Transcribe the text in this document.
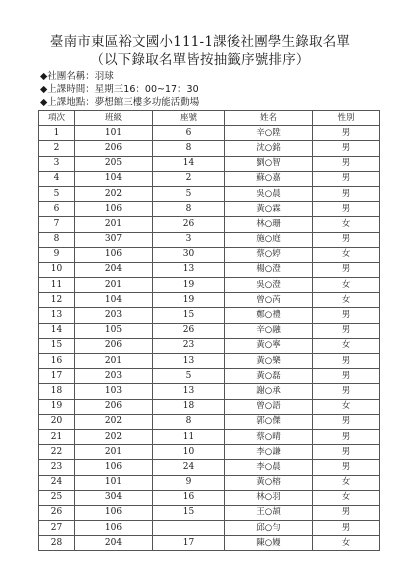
臺南市東區裕文國小111-1課後社團學生錄取名單
（以下錄取名單皆按抽籤序號排序）
◆社團名稱：羽球
◆上課時間：星期三16：00~17：30
◆上課地點：夢想館三樓多功能活動場
項次	班級	座號	姓名	性別
1	101	6	辛○陞	男
2	206	8	沈○銘	男
3	205	14	劉○智	男
4	104	2	蘇○嘉	男
5	202	5	吳○晨	男
6	106	8	黃○霖	男
7	201	26	林○珊	女
8	307	3	施○庭	男
9	106	30	蔡○婷	女
10	204	13	楊○澄	男
11	201	19	吳○澄	女
12	104	19	曾○芮	女
13	203	15	鄭○禮	男
14	105	26	辛○融	男
15	206	23	黃○寧	女
16	201	13	黃○樂	男
17	203	5	黃○磊	男
18	103	13	謝○承	男
19	206	18	曾○語	女
20	202	8	郭○傑	男
21	202	11	蔡○晴	男
22	201	10	李○謙	男
23	106	24	李○晨	男
24	101	9	黃○榕	女
25	304	16	林○羽	女
26	106	15	王○頡	男
27	106		邱○勻	男
28	204	17	陳○嫚	女
